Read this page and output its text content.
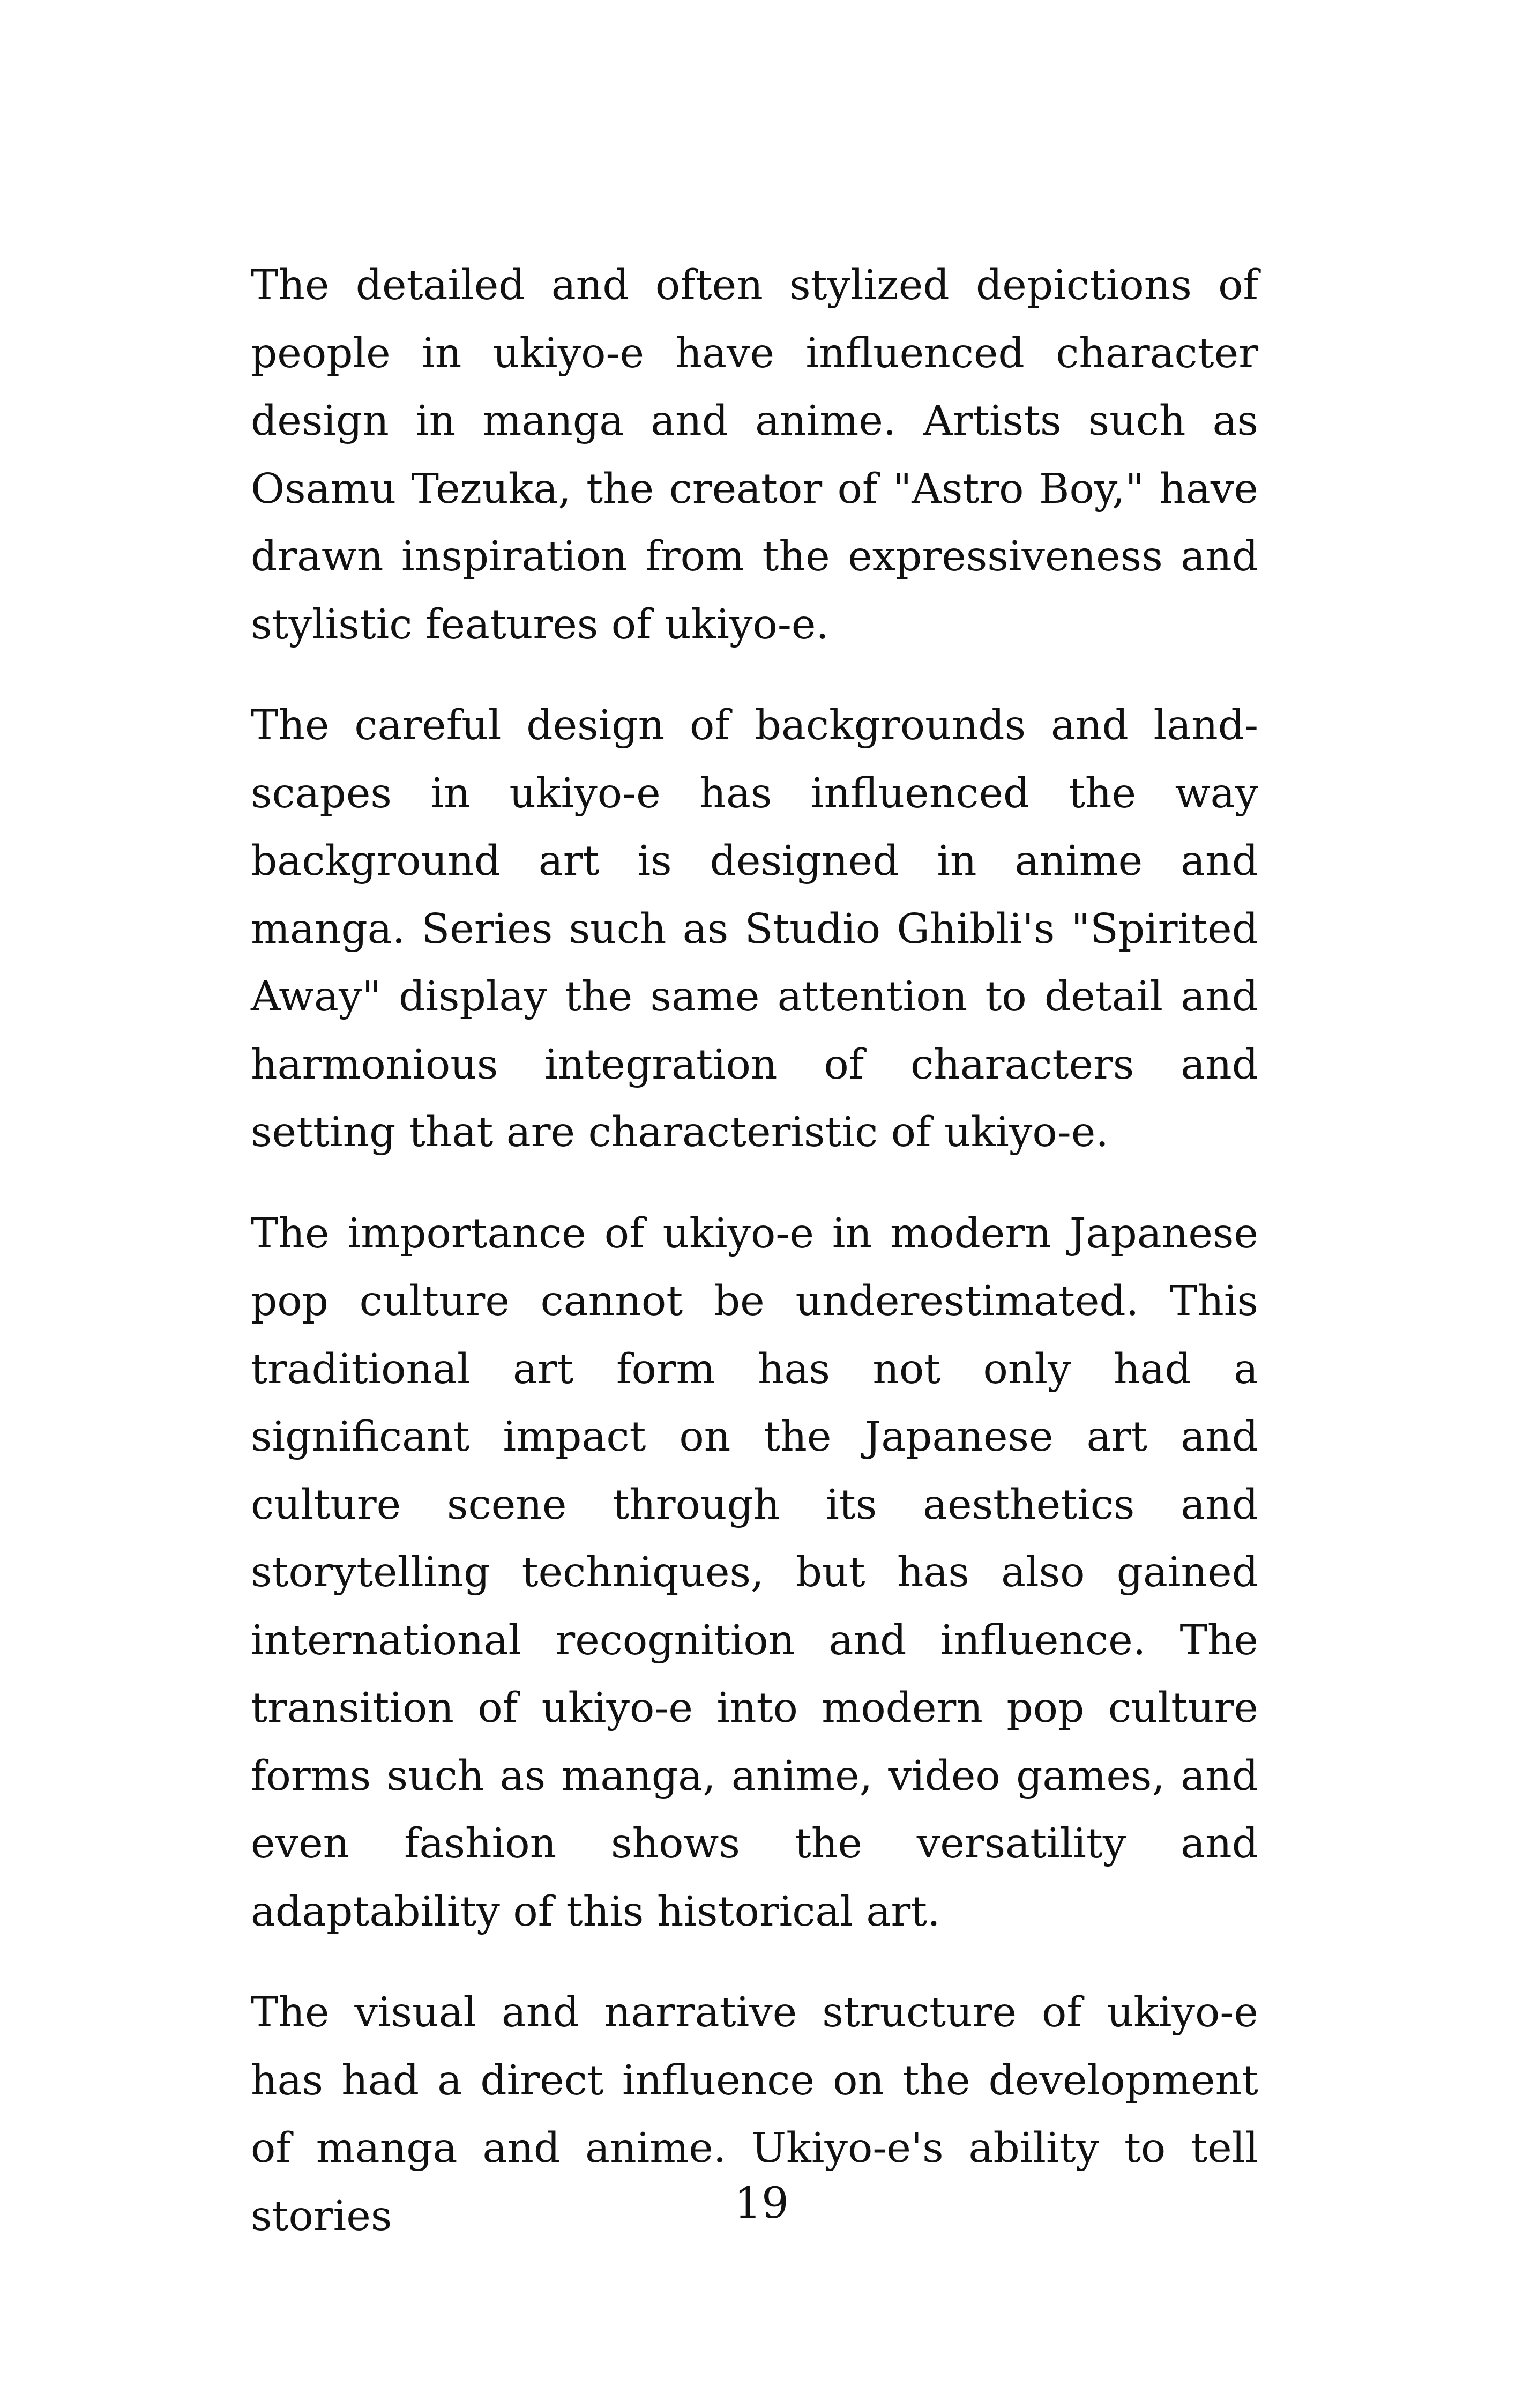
The detailed and often stylized depictions of people in ukiyo-e have influenced character design in manga and anime. Artists such as Osamu Tezuka, the creator of "Astro Boy," have drawn inspiration from the expressiveness and stylistic features of ukiyo-e.

The careful design of backgrounds and land-scapes in ukiyo-e has influenced the way background art is designed in anime and manga. Series such as Studio Ghibli's "Spirited Away" display the same attention to detail and harmonious integration of characters and setting that are characteristic of ukiyo-e.

The importance of ukiyo-e in modern Japanese pop culture cannot be underestimated. This traditional art form has not only had a significant impact on the Japanese art and culture scene through its aesthetics and storytelling techniques, but has also gained international recognition and influence. The transition of ukiyo-e into modern pop culture forms such as manga, anime, video games, and even fashion shows the versatility and adaptability of this historical art.

The visual and narrative structure of ukiyo-e has had a direct influence on the development of manga and anime. Ukiyo-e's ability to tell stories	19
